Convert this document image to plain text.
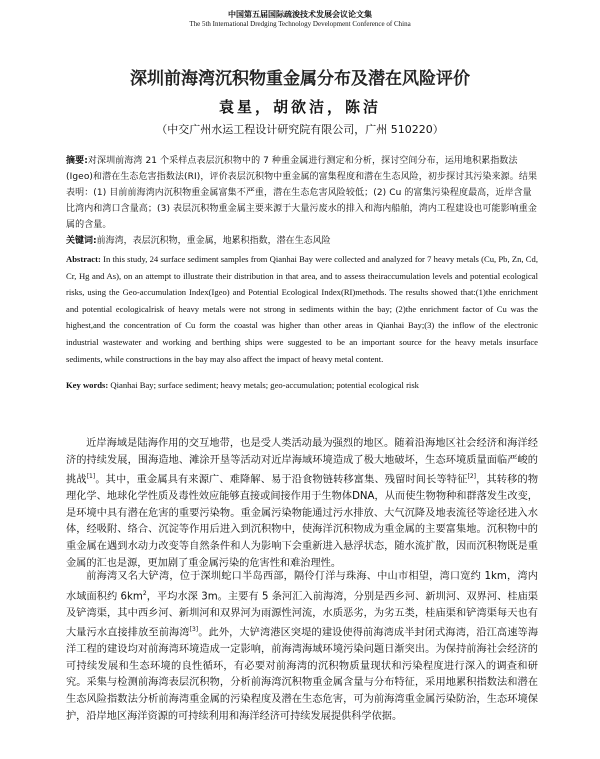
中国第五届国际疏浚技术发展会议论文集
The 5th International Dredging Technology Development Conference of China
深圳前海湾沉积物重金属分布及潜在风险评价
袁星，胡欲洁，陈洁
（中交广州水运工程设计研究院有限公司，广州 510220）
摘要:对深圳前海湾 21 个采样点表层沉积物中的 7 种重金属进行测定和分析，探讨空间分布，运用地积累指数法(Igeo)和潜在生态危害指数法(RI)，评价表层沉积物中重金属的富集程度和潜在生态风险，初步探讨其污染来源。结果表明：(1) 目前前海湾内沉积物重金属富集不严重，潜在生态危害风险较低；(2) Cu 的富集污染程度最高，近岸含量比湾内和湾口含量高；(3) 表层沉积物重金属主要来源于大量污废水的排入和海内船舶，湾内工程建设也可能影响重金属的含量。
关键词:前海湾，表层沉积物，重金属，地累积指数，潜在生态风险
Abstract: In this study, 24 surface sediment samples from Qianhai Bay were collected and analyzed for 7 heavy metals (Cu, Pb, Zn, Cd, Cr, Hg and As), on an attempt to illustrate their distribution in that area, and to assess theiraccumulation levels and potential ecological risks, using the Geo-accumulation Index(Igeo) and Potential Ecological Index(RI)methods. The results showed that:(1)the enrichment and potential ecologicalrisk of heavy metals were not strong in sediments within the bay; (2)the enrichment factor of Cu was the highest,and the concentration of Cu form the coastal was higher than other areas in Qianhai Bay;(3) the inflow of the electronic industrial wastewater and working and berthing ships were suggested to be an important source for the heavy metals insurface sediments, while constructions in the bay may also affect the impact of heavy metal content.
Key words: Qianhai Bay; surface sediment; heavy metals; geo-accumulation; potential ecological risk
近岸海域是陆海作用的交互地带，也是受人类活动最为强烈的地区。随着沿海地区社会经济和海洋经济的持续发展，围海造地、滩涂开垦等活动对近岸海域环境造成了极大地破坏，生态环境质量面临严峻的挑战[1]。其中，重金属具有来源广、难降解、易于沿食物链转移富集、残留时间长等特征[2]，其转移的物理化学、地球化学性质及毒性效应能够直接或间接作用于生物体DNA，从而使生物物种和群落发生改变，是环境中具有潜在危害的重要污染物。重金属污染物能通过污水排放、大气沉降及地表流径等途径进入水体，经吸附、络合、沉淀等作用后进入到沉积物中，使海洋沉积物成为重金属的主要富集地。沉积物中的重金属在遇到水动力改变等自然条件和人为影响下会重新进入悬浮状态，随水流扩散，因而沉积物既是重金属的汇也是源，更加剧了重金属污染的危害性和难治理性。
前海湾又名大铲湾，位于深圳蛇口半岛西部，隔伶仃洋与珠海、中山市相望，湾口宽约 1km，湾内水域面积约 $6km^2$，平均水深 3m。主要有 5 条河汇入前海湾，分别是西乡河、新圳河、双界河、桂庙渠及铲湾渠，其中西乡河、新圳河和双界河为雨源性河流，水质恶劣，为劣五类，桂庙渠和铲湾渠每天也有大量污水直接排放至前海湾[3]。此外，大铲湾港区突堤的建设使得前海湾成半封闭式海湾，沿江高速等海洋工程的建设均对前海湾环境造成一定影响，前海湾海域环境污染问题日渐突出。为保持前海社会经济的可持续发展和生态环境的良性循环，有必要对前海湾的沉积物质量现状和污染程度进行深入的调查和研究。采集与检测前海湾表层沉积物，分析前海湾沉积物重金属含量与分布特征，采用地累积指数法和潜在生态风险指数法分析前海湾重金属的污染程度及潜在生态危害，可为前海湾重金属污染防治，生态环境保护，沿岸地区海洋资源的可持续利用和海洋经济可持续发展提供科学依据。
